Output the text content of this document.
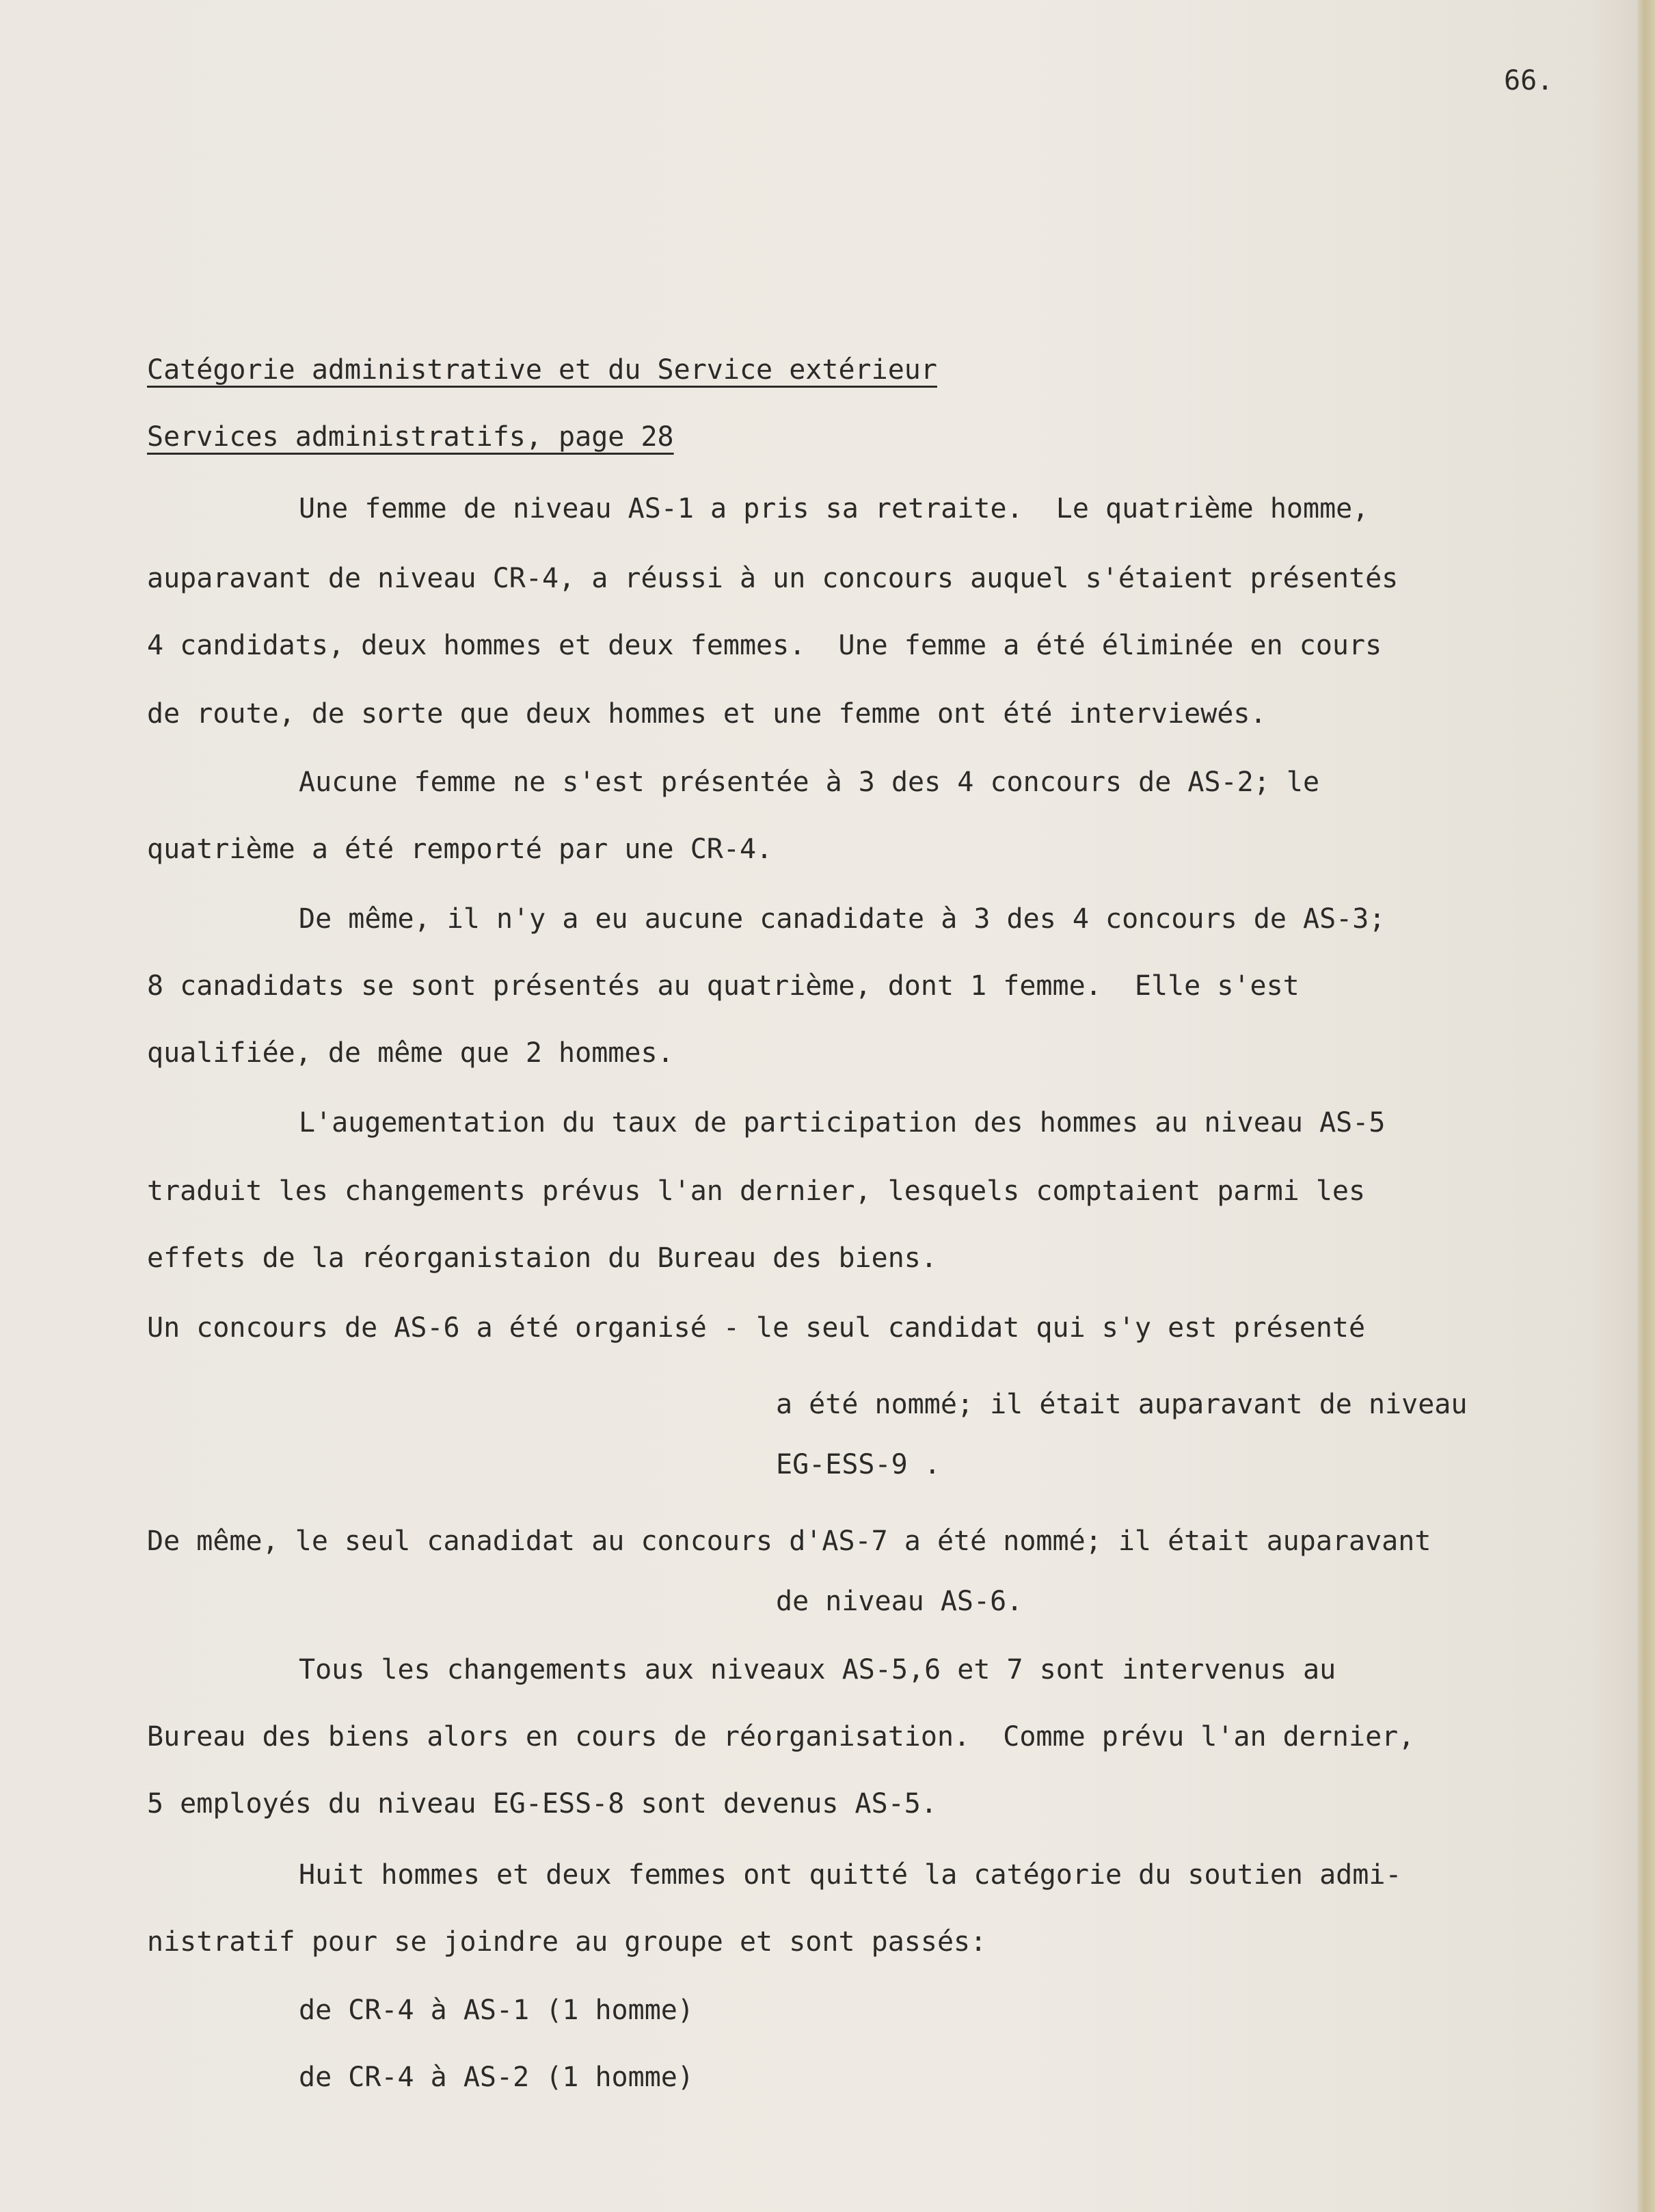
66.
Catégorie administrative et du Service extérieur
Services administratifs, page 28
Une femme de niveau AS-1 a pris sa retraite.  Le quatrième homme,
auparavant de niveau CR-4, a réussi à un concours auquel s'étaient présentés
4 candidats, deux hommes et deux femmes.  Une femme a été éliminée en cours
de route, de sorte que deux hommes et une femme ont été interviewés.
Aucune femme ne s'est présentée à 3 des 4 concours de AS-2; le
quatrième a été remporté par une CR-4.
De même, il n'y a eu aucune canadidate à 3 des 4 concours de AS-3;
8 canadidats se sont présentés au quatrième, dont 1 femme.  Elle s'est
qualifiée, de même que 2 hommes.
L'augementation du taux de participation des hommes au niveau AS-5
traduit les changements prévus l'an dernier, lesquels comptaient parmi les
effets de la réorganistaion du Bureau des biens.
Un concours de AS-6 a été organisé - le seul candidat qui s'y est présenté
a été nommé; il était auparavant de niveau
EG-ESS-9 .
De même, le seul canadidat au concours d'AS-7 a été nommé; il était auparavant
de niveau AS-6.
Tous les changements aux niveaux AS-5,6 et 7 sont intervenus au
Bureau des biens alors en cours de réorganisation.  Comme prévu l'an dernier,
5 employés du niveau EG-ESS-8 sont devenus AS-5.
Huit hommes et deux femmes ont quitté la catégorie du soutien admi-
nistratif pour se joindre au groupe et sont passés:
de CR-4 à AS-1 (1 homme)
de CR-4 à AS-2 (1 homme)
